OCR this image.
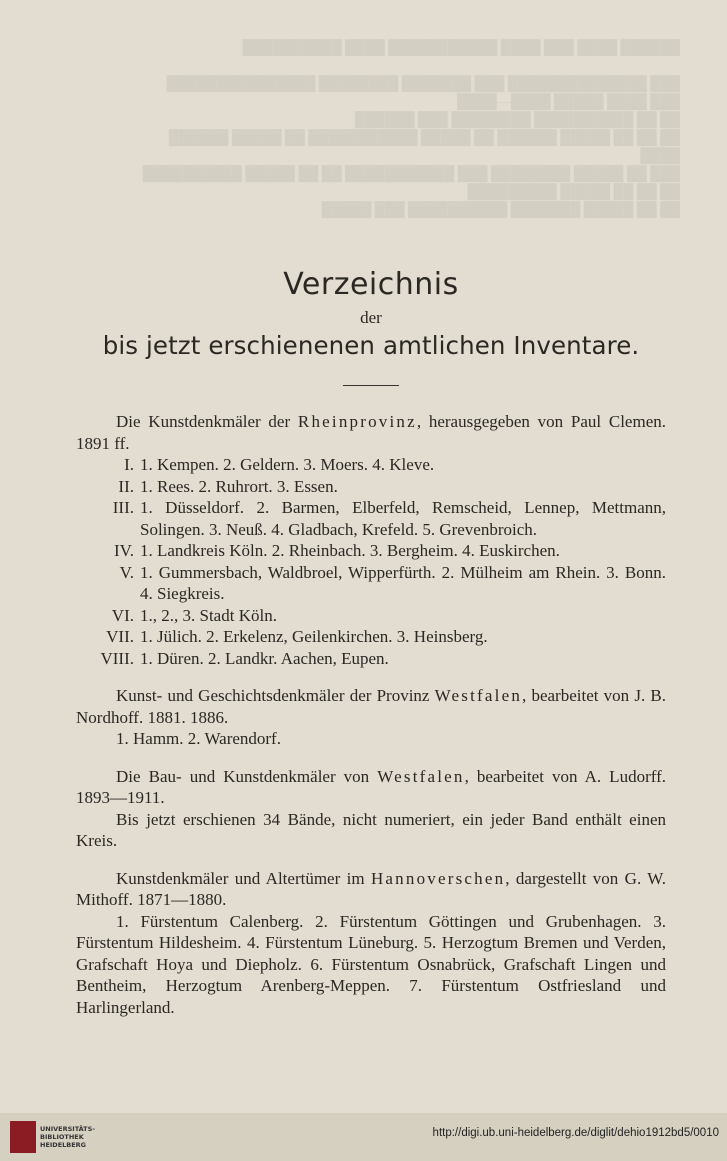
██████ ████ ███ ████ ███████████ ████ ██████████

███ ██████████████ ███ ███████ ████████ ███████████████
███ ████ █████ ████—████
██ ██ ██████████ ████████ ███ ██████
██ ██ ██ █████ ██████ ██ █████ ███████████ ██ █████ ██████
████
███ ██ █████ ████████ ███ ███████████ ██ ██ █████ ██████████
██ ██ ██ █████ █████████
██ ██ █████ ███████ ██████████ ███ █████
Verzeichnis
der
bis jetzt erschienenen amtlichen Inventare.
Die Kunstdenkmäler der Rheinprovinz, herausgegeben von Paul Clemen. 1891 ff.
I. 1. Kempen. 2. Geldern. 3. Moers. 4. Kleve.
II. 1. Rees. 2. Ruhrort. 3. Essen.
III. 1. Düsseldorf. 2. Barmen, Elberfeld, Remscheid, Lennep, Mettmann, Solingen. 3. Neuß. 4. Gladbach, Krefeld. 5. Grevenbroich.
IV. 1. Landkreis Köln. 2. Rheinbach. 3. Bergheim. 4. Euskirchen.
V. 1. Gummersbach, Waldbroel, Wipperfürth. 2. Mülheim am Rhein. 3. Bonn. 4. Siegkreis.
VI. 1., 2., 3. Stadt Köln.
VII. 1. Jülich. 2. Erkelenz, Geilenkirchen. 3. Heinsberg.
VIII. 1. Düren. 2. Landkr. Aachen, Eupen.
Kunst- und Geschichtsdenkmäler der Provinz Westfalen, bearbeitet von J. B. Nordhoff. 1881. 1886.
1. Hamm. 2. Warendorf.
Die Bau- und Kunstdenkmäler von Westfalen, bearbeitet von A. Ludorff. 1893—1911.
Bis jetzt erschienen 34 Bände, nicht numeriert, ein jeder Band enthält einen Kreis.
Kunstdenkmäler und Altertümer im Hannoverschen, dargestellt von G. W. Mithoff. 1871—1880.
1. Fürstentum Calenberg. 2. Fürstentum Göttingen und Grubenhagen. 3. Fürstentum Hildesheim. 4. Fürstentum Lüneburg. 5. Herzogtum Bremen und Verden, Grafschaft Hoya und Diepholz. 6. Fürstentum Osnabrück, Grafschaft Lingen und Bentheim, Herzogtum Arenberg-Meppen. 7. Fürstentum Ostfriesland und Harlingerland.
UNIVERSITÄTS-
BIBLIOTHEK
HEIDELBERG
http://digi.ub.uni-heidelberg.de/diglit/dehio1912bd5/0010
